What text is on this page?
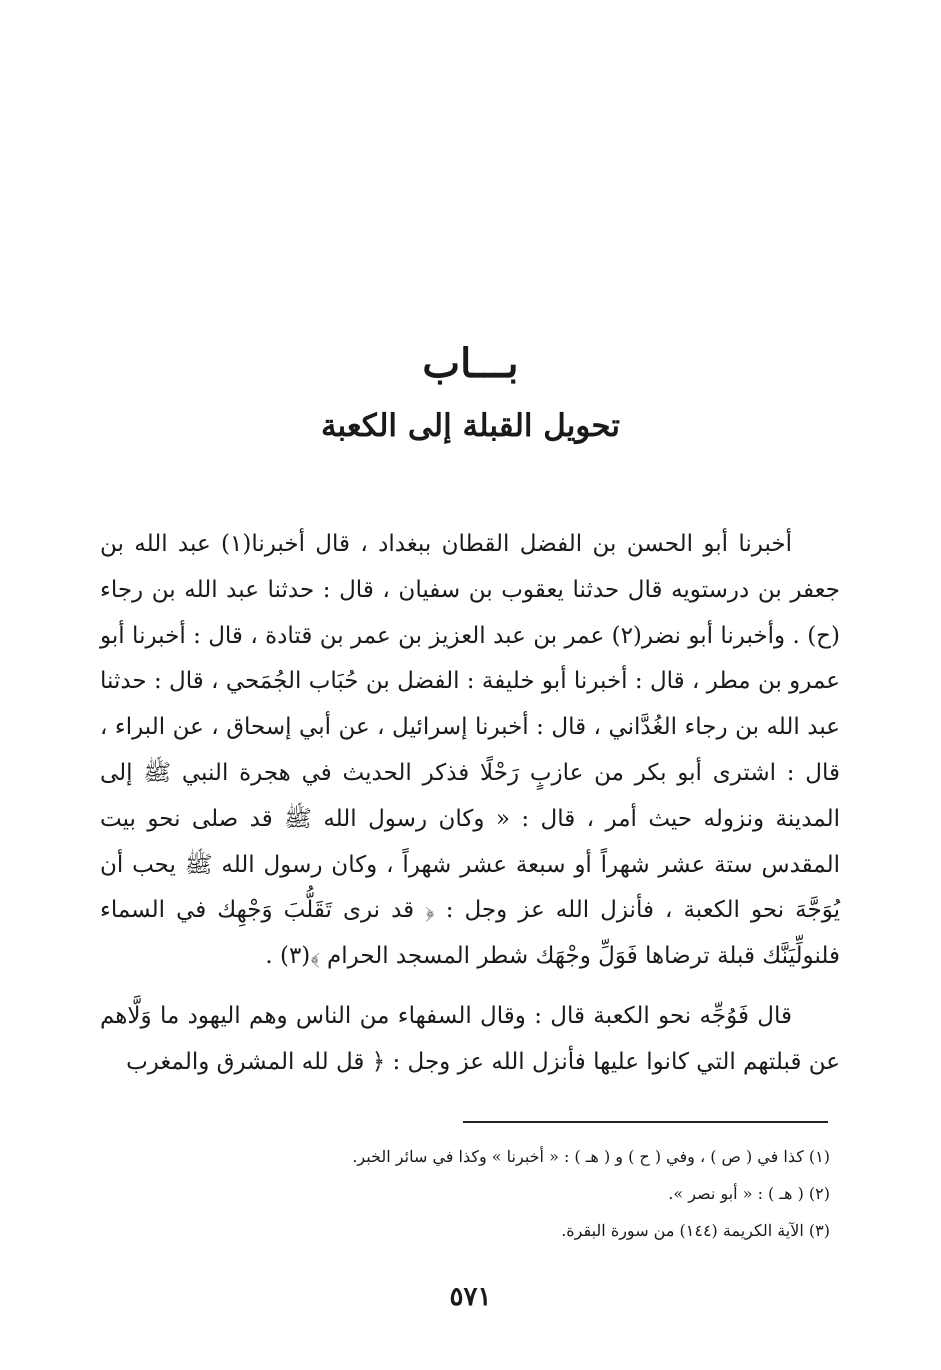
بـــاب
تحويل القبلة إلى الكعبة

أخبرنا أبو الحسن بن الفضل القطان ببغداد ، قال أخبرنا(١) عبد الله بن جعفر بن درستويه قال حدثنا يعقوب بن سفيان ، قال : حدثنا عبد الله بن رجاء (ح) . وأخبرنا أبو نضر(٢) عمر بن عبد العزيز بن عمر بن قتادة ، قال : أخبرنا أبو عمرو بن مطر ، قال : أخبرنا أبو خليفة : الفضل بن حُبَاب الجُمَحي ، قال : حدثنا عبد الله بن رجاء الغُدَّاني ، قال : أخبرنا إسرائيل ، عن أبي إسحاق ، عن البراء ، قال : اشترى أبو بكر من عازبٍ رَحْلًا فذكر الحديث في هجرة النبي ﷺ إلى المدينة ونزوله حيث أمر ، قال : « وكان رسول الله ﷺ قد صلى نحو بيت المقدس ستة عشر شهراً أو سبعة عشر شهراً ، وكان رسول الله ﷺ يحب أن يُوَجَّهَ نحو الكعبة ، فأنزل الله عز وجل : ﴿ قد نرى تَقَلُّبَ وَجْهِك في السماء فلنولِّيَنَّك قبلة ترضاها فَوَلِّ وجْهَك شطر المسجد الحرام ﴾(٣) .

قال فَوُجِّه نحو الكعبة قال : وقال السفهاء من الناس وهم اليهود ما وَلَّاهم عن قبلتهم التي كانوا عليها فأنزل الله عز وجل : ﴿ قل لله المشرق والمغرب

(١) كذا في ( ص ) ، وفي ( ح ) و ( هـ ) : « أخبرنا » وكذا في سائر الخبر.
(٢) ( هـ ) : « أبو نصر ».
(٣) الآية الكريمة (١٤٤) من سورة البقرة.
٥٧١
